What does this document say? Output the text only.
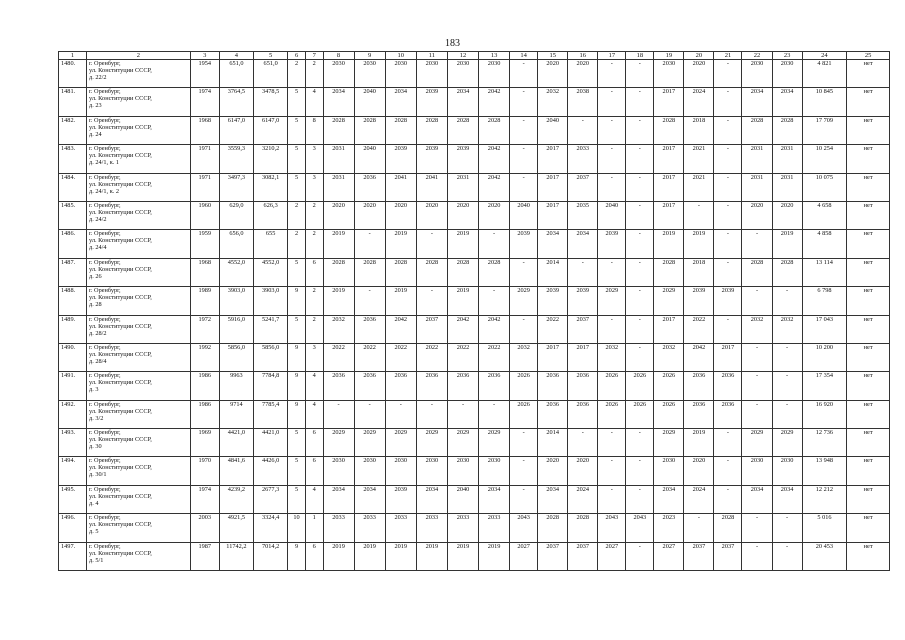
183
1	2	3	4	5	6	7	8	9	10	11	12	13	14	15	16	17	18	19	20	21	22	23	24	25
1480.	г. Оренбург,
ул. Конституции СССР,
д. 22/2	1954	651,0	651,0	2	2	2030	2030	2030	2030	2030	2030	-	2020	2020	-	-	2030	2020	-	2030	2030	4 821	нет
1481.	г. Оренбург,
ул. Конституции СССР,
д. 23	1974	3764,5	3478,5	5	4	2034	2040	2034	2039	2034	2042	-	2032	2038	-	-	2017	2024	-	2034	2034	10 845	нет
1482.	г. Оренбург,
ул. Конституции СССР,
д. 24	1968	6147,0	6147,0	5	8	2028	2028	2028	2028	2028	2028	-	2040	-	-	-	2028	2018	-	2028	2028	17 709	нет
1483.	г. Оренбург,
ул. Конституции СССР,
д. 24/1, к. 1	1971	3559,3	3210,2	5	3	2031	2040	2039	2039	2039	2042	-	2017	2033	-	-	2017	2021	-	2031	2031	10 254	нет
1484.	г. Оренбург,
ул. Конституции СССР,
д. 24/1, к. 2	1971	3497,3	3082,1	5	3	2031	2036	2041	2041	2031	2042	-	2017	2037	-	-	2017	2021	-	2031	2031	10 075	нет
1485.	г. Оренбург,
ул. Конституции СССР,
д. 24/2	1960	629,0	626,3	2	2	2020	2020	2020	2020	2020	2020	2040	2017	2035	2040	-	2017	-	-	2020	2020	4 658	нет
1486.	г. Оренбург,
ул. Конституции СССР,
д. 24/4	1959	656,0	655	2	2	2019	-	2019	-	2019	-	2039	2034	2034	2039	-	2019	2019	-	-	2019	4 858	нет
1487.	г. Оренбург,
ул. Конституции СССР,
д. 26	1968	4552,0	4552,0	5	6	2028	2028	2028	2028	2028	2028	-	2014	-	-	-	2028	2018	-	2028	2028	13 114	нет
1488.	г. Оренбург,
ул. Конституции СССР,
д. 28	1989	3903,0	3903,0	9	2	2019	-	2019	-	2019	-	2029	2039	2039	2029	-	2029	2039	2039	-	-	6 798	нет
1489.	г. Оренбург,
ул. Конституции СССР,
д. 28/2	1972	5916,0	5241,7	5	2	2032	2036	2042	2037	2042	2042	-	2022	2037	-	-	2017	2022	-	2032	2032	17 043	нет
1490.	г. Оренбург,
ул. Конституции СССР,
д. 28/4	1992	5856,0	5856,0	9	3	2022	2022	2022	2022	2022	2022	2032	2017	2017	2032	-	2032	2042	2017	-	-	10 200	нет
1491.	г. Оренбург,
ул. Конституции СССР,
д. 3	1986	9963	7784,8	9	4	2036	2036	2036	2036	2036	2036	2026	2036	2036	2026	2026	2026	2036	2036	-	-	17 354	нет
1492.	г. Оренбург,
ул. Конституции СССР,
д. 3/2	1986	9714	7785,4	9	4	-	-	-	-	-	-	2026	2036	2036	2026	2026	2026	2036	2036	-	-	16 920	нет
1493.	г. Оренбург,
ул. Конституции СССР,
д. 30	1969	4421,0	4421,0	5	6	2029	2029	2029	2029	2029	2029	-	2014	-	-	-	2029	2019	-	2029	2029	12 736	нет
1494.	г. Оренбург,
ул. Конституции СССР,
д. 30/1	1970	4841,6	4426,0	5	6	2030	2030	2030	2030	2030	2030	-	2020	2020	-	-	2030	2020	-	2030	2030	13 948	нет
1495.	г. Оренбург,
ул. Конституции СССР,
д. 4	1974	4239,2	2677,3	5	4	2034	2034	2039	2034	2040	2034	-	2034	2024	-	-	2034	2024	-	2034	2034	12 212	нет
1496.	г. Оренбург,
ул. Конституции СССР,
д. 5	2003	4921,5	3324,4	10	1	2033	2033	2033	2033	2033	2033	2043	2028	2028	2043	2043	2023	-	2028	-	-	5 016	нет
1497.	г. Оренбург,
ул. Конституции СССР,
д. 5/1	1987	11742,2	7014,2	9	6	2019	2019	2019	2019	2019	2019	2027	2037	2037	2027	-	2027	2037	2037	-	-	20 453	нет
